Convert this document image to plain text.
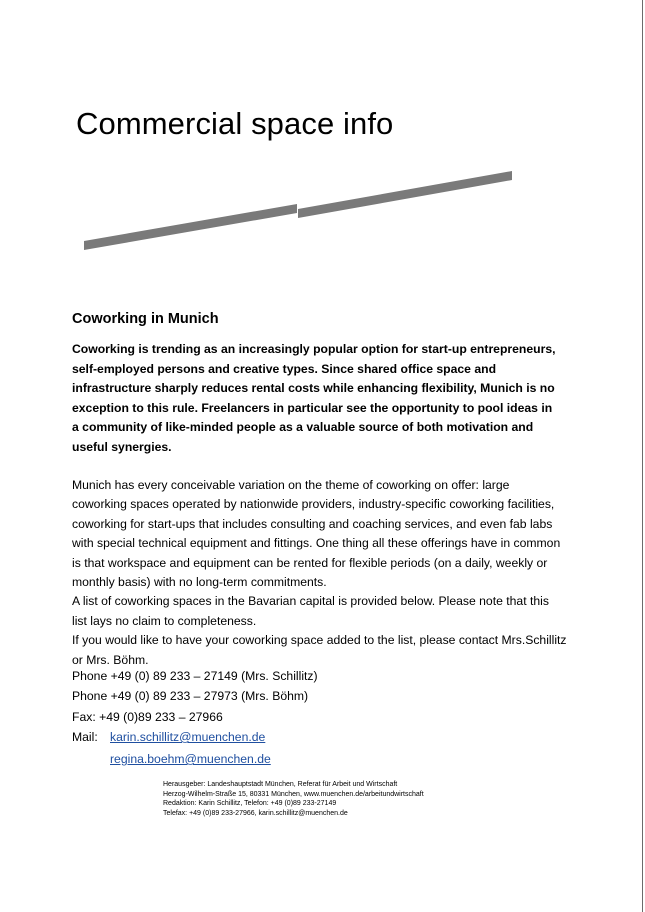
Commercial space info
Coworking in Munich

Coworking is trending as an increasingly popular option for start-up entrepreneurs, self-employed persons and creative types. Since shared office space and infrastructure sharply reduces rental costs while enhancing flexibility, Munich is no exception to this rule. Freelancers in particular see the opportunity to pool ideas in a community of like-minded people as a valuable source of both motivation and useful synergies.

Munich has every conceivable variation on the theme of coworking on offer: large coworking spaces operated by nationwide providers, industry-specific coworking facilities, coworking for start-ups that includes consulting and coaching services, and even fab labs with special technical equipment and fittings. One thing all these offerings have in common is that workspace and equipment can be rented for flexible periods (on a daily, weekly or monthly basis) with no long-term commitments.

A list of coworking spaces in the Bavarian capital is provided below. Please note that this list lays no claim to completeness.

If you would like to have your coworking space added to the list, please contact Mrs.Schillitz or Mrs. Böhm.

Phone +49 (0) 89 233 – 27149 (Mrs. Schillitz)
Phone +49 (0) 89 233 – 27973 (Mrs. Böhm)
Fax: +49 (0)89 233 – 27966
Mail: karin.schillitz@muenchen.de
regina.boehm@muenchen.de
Herausgeber: Landeshauptstadt München, Referat für Arbeit und Wirtschaft
Herzog-Wilhelm-Straße 15, 80331 München, www.muenchen.de/arbeitundwirtschaft
Redaktion: Karin Schillitz, Telefon: +49 (0)89 233-27149
Telefax: +49 (0)89 233-27966, karin.schillitz@muenchen.de
